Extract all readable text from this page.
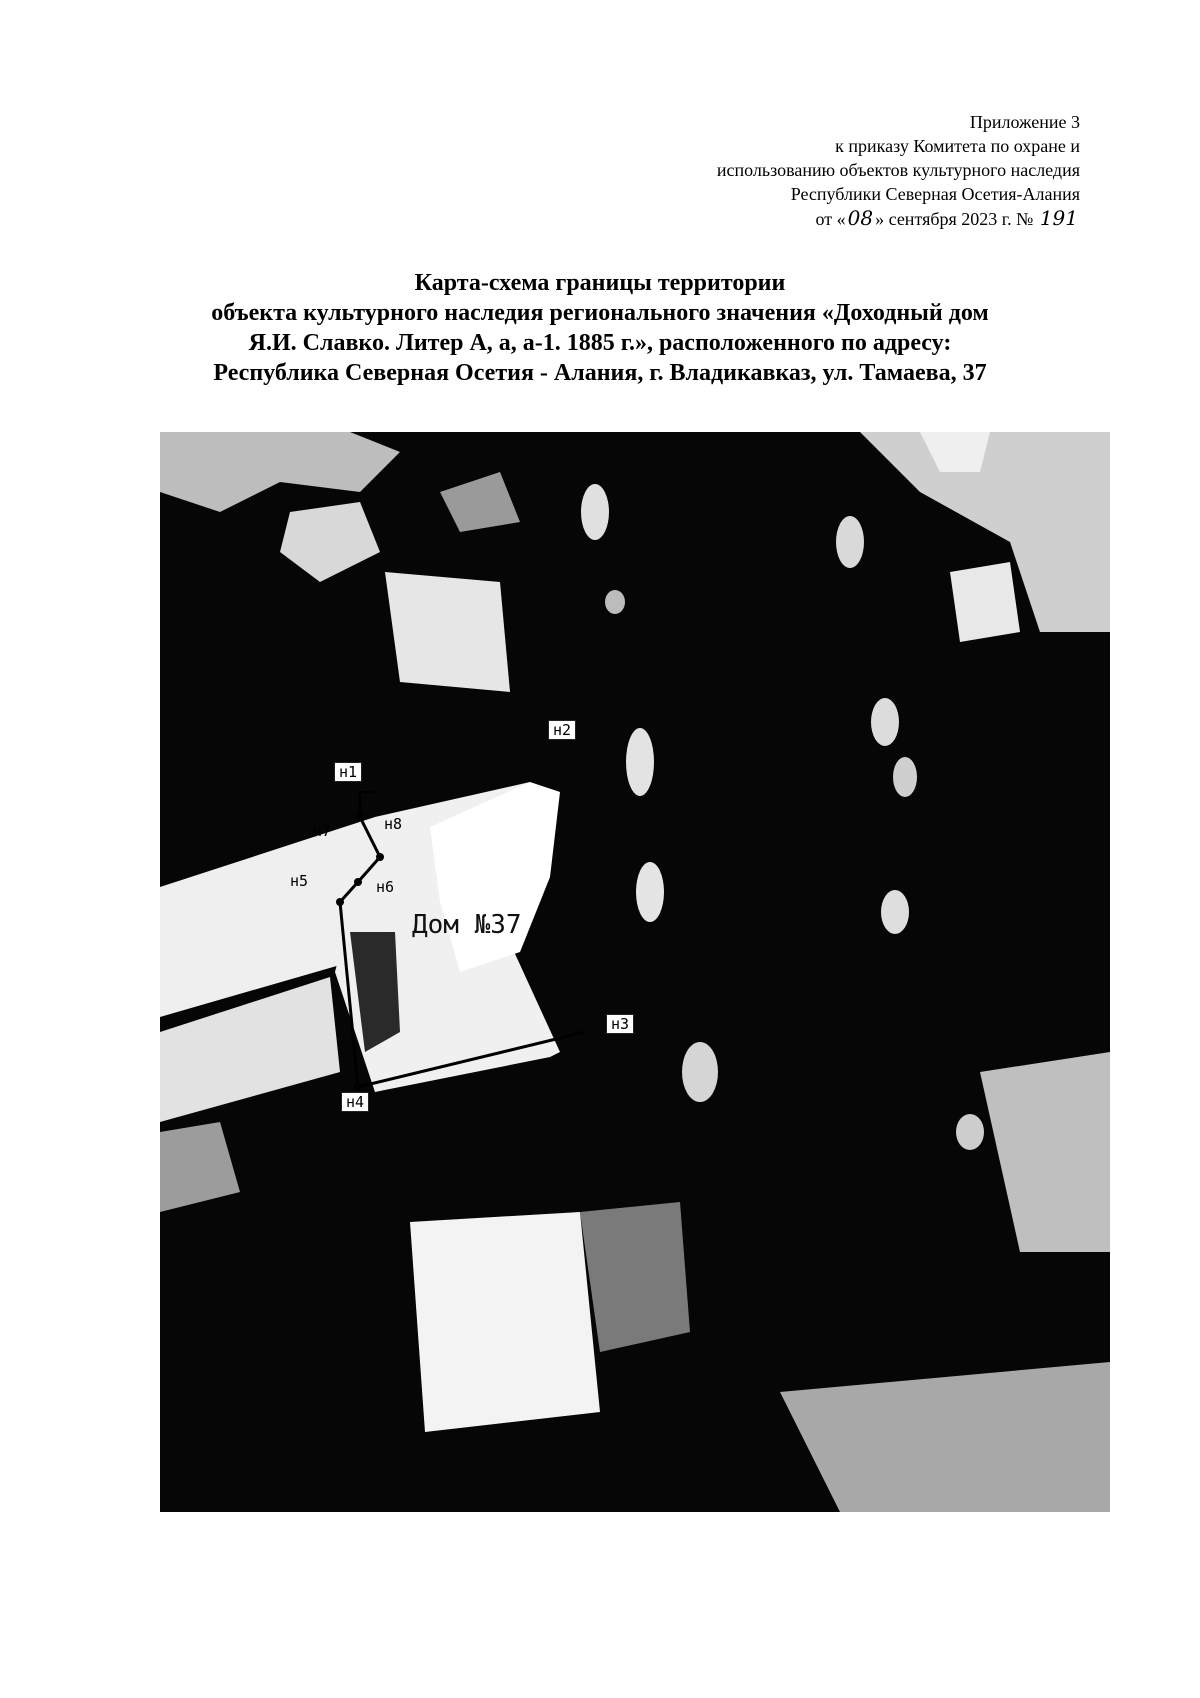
Приложение 3
к приказу Комитета по охране и
использованию объектов культурного наследия
Республики Северная Осетия-Алания
от « 08 » сентября 2023 г. № 191
Карта-схема границы территории
объекта культурного наследия регионального значения «Доходный дом
Я.И. Славко. Литер А, а, а-1. 1885 г.», расположенного по адресу:
Республика Северная Осетия - Алания, г. Владикавказ, ул. Тамаева, 37
н1
н2
н3
н4
н5	н6
н7	н8
Дом №37
